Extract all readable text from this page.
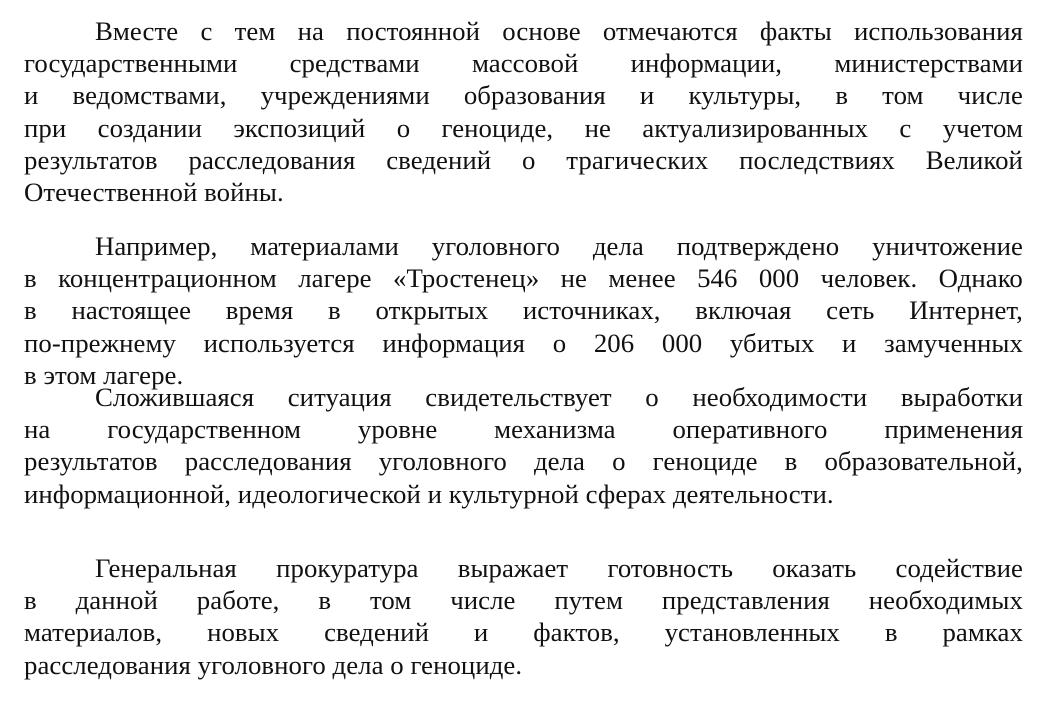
Вместе с тем на постоянной основе отмечаются факты использования
государственными средствами массовой информации, министерствами
и ведомствами, учреждениями образования и культуры, в том числе
при создании экспозиций о геноциде, не актуализированных с учетом
результатов расследования сведений о трагических последствиях Великой
Отечественной войны.
Например, материалами уголовного дела подтверждено уничтожение
в концентрационном лагере «Тростенец» не менее 546 000 человек. Однако
в настоящее время в открытых источниках, включая сеть Интернет,
по-прежнему используется информация о 206 000 убитых и замученных
в этом лагере.
Сложившаяся ситуация свидетельствует о необходимости выработки
на государственном уровне механизма оперативного применения
результатов расследования уголовного дела о геноциде в образовательной,
информационной, идеологической и культурной сферах деятельности.
Генеральная прокуратура выражает готовность оказать содействие
в данной работе, в том числе путем представления необходимых
материалов, новых сведений и фактов, установленных в рамках
расследования уголовного дела о геноциде.
